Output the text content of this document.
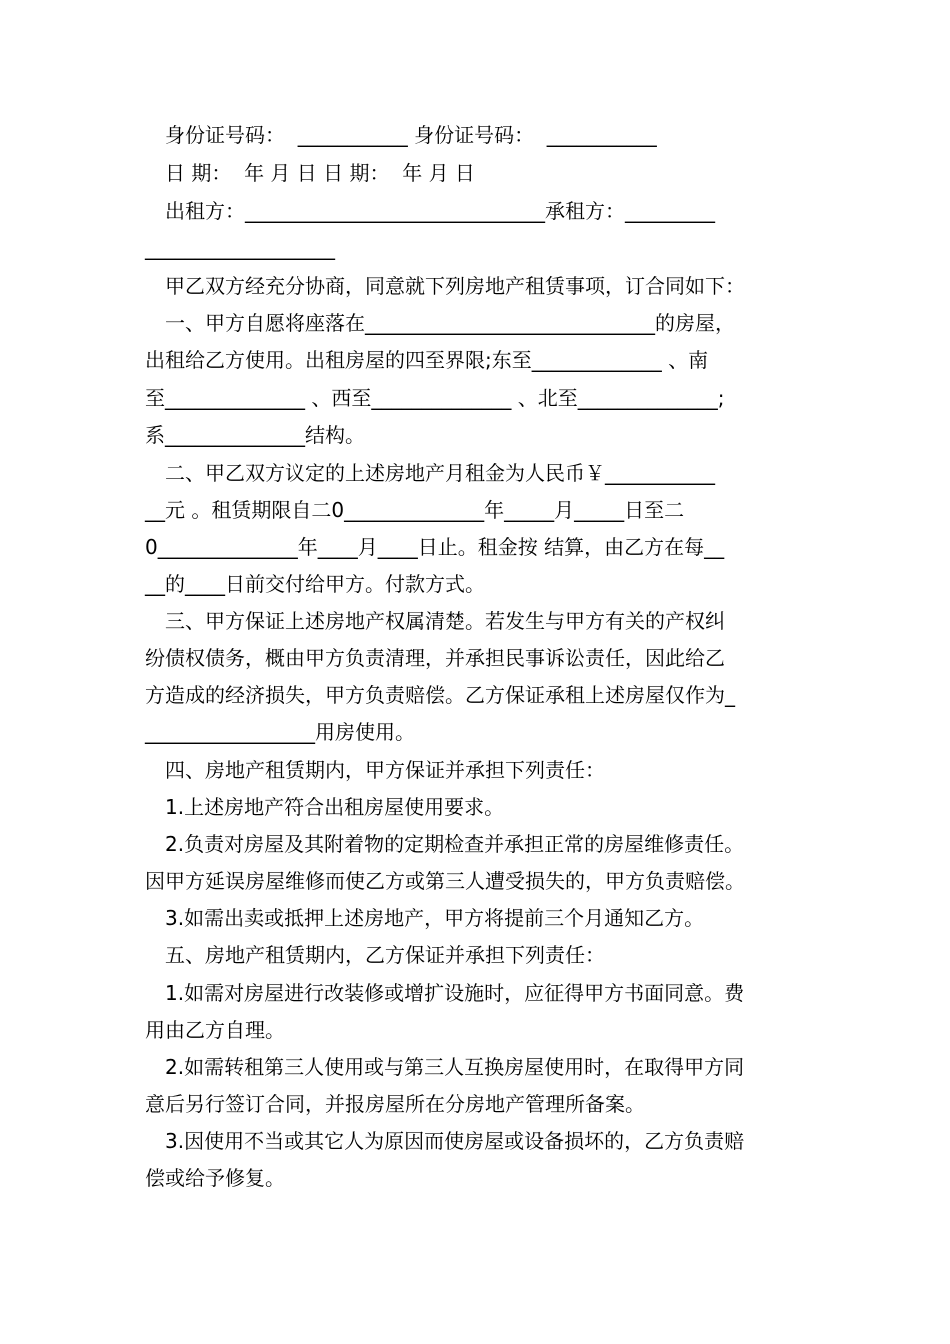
　身份证号码：  ___________ 身份证号码：  ___________

　日 期：  年 月 日 日 期：  年 月 日

　出租方：______________________________承租方：_________

___________________

　甲乙双方经充分协商，同意就下列房地产租赁事项，订合同如下：

　一、甲方自愿将座落在_____________________________的房屋，

出租给乙方使用。出租房屋的四至界限;东至_____________ 、南

至______________ 、西至______________ 、北至______________;

系______________结构。

　二、甲乙双方议定的上述房地产月租金为人民币￥___________

__元 。租赁期限自二0______________年_____月_____日至二

0______________年____月____日止。租金按 结算，由乙方在每__

__的____日前交付给甲方。付款方式。

　三、甲方保证上述房地产权属清楚。若发生与甲方有关的产权纠

纷债权债务，概由甲方负责清理，并承担民事诉讼责任，因此给乙

方造成的经济损失，甲方负责赔偿。乙方保证承租上述房屋仅作为_

_________________用房使用。

　四、房地产租赁期内，甲方保证并承担下列责任：

　1.上述房地产符合出租房屋使用要求。

　2.负责对房屋及其附着物的定期检查并承担正常的房屋维修责任。

因甲方延误房屋维修而使乙方或第三人遭受损失的，甲方负责赔偿。

　3.如需出卖或抵押上述房地产，甲方将提前三个月通知乙方。

　五、房地产租赁期内，乙方保证并承担下列责任：

　1.如需对房屋进行改装修或增扩设施时，应征得甲方书面同意。费

用由乙方自理。

　2.如需转租第三人使用或与第三人互换房屋使用时，在取得甲方同

意后另行签订合同，并报房屋所在分房地产管理所备案。

　3.因使用不当或其它人为原因而使房屋或设备损坏的，乙方负责赔

偿或给予修复。
